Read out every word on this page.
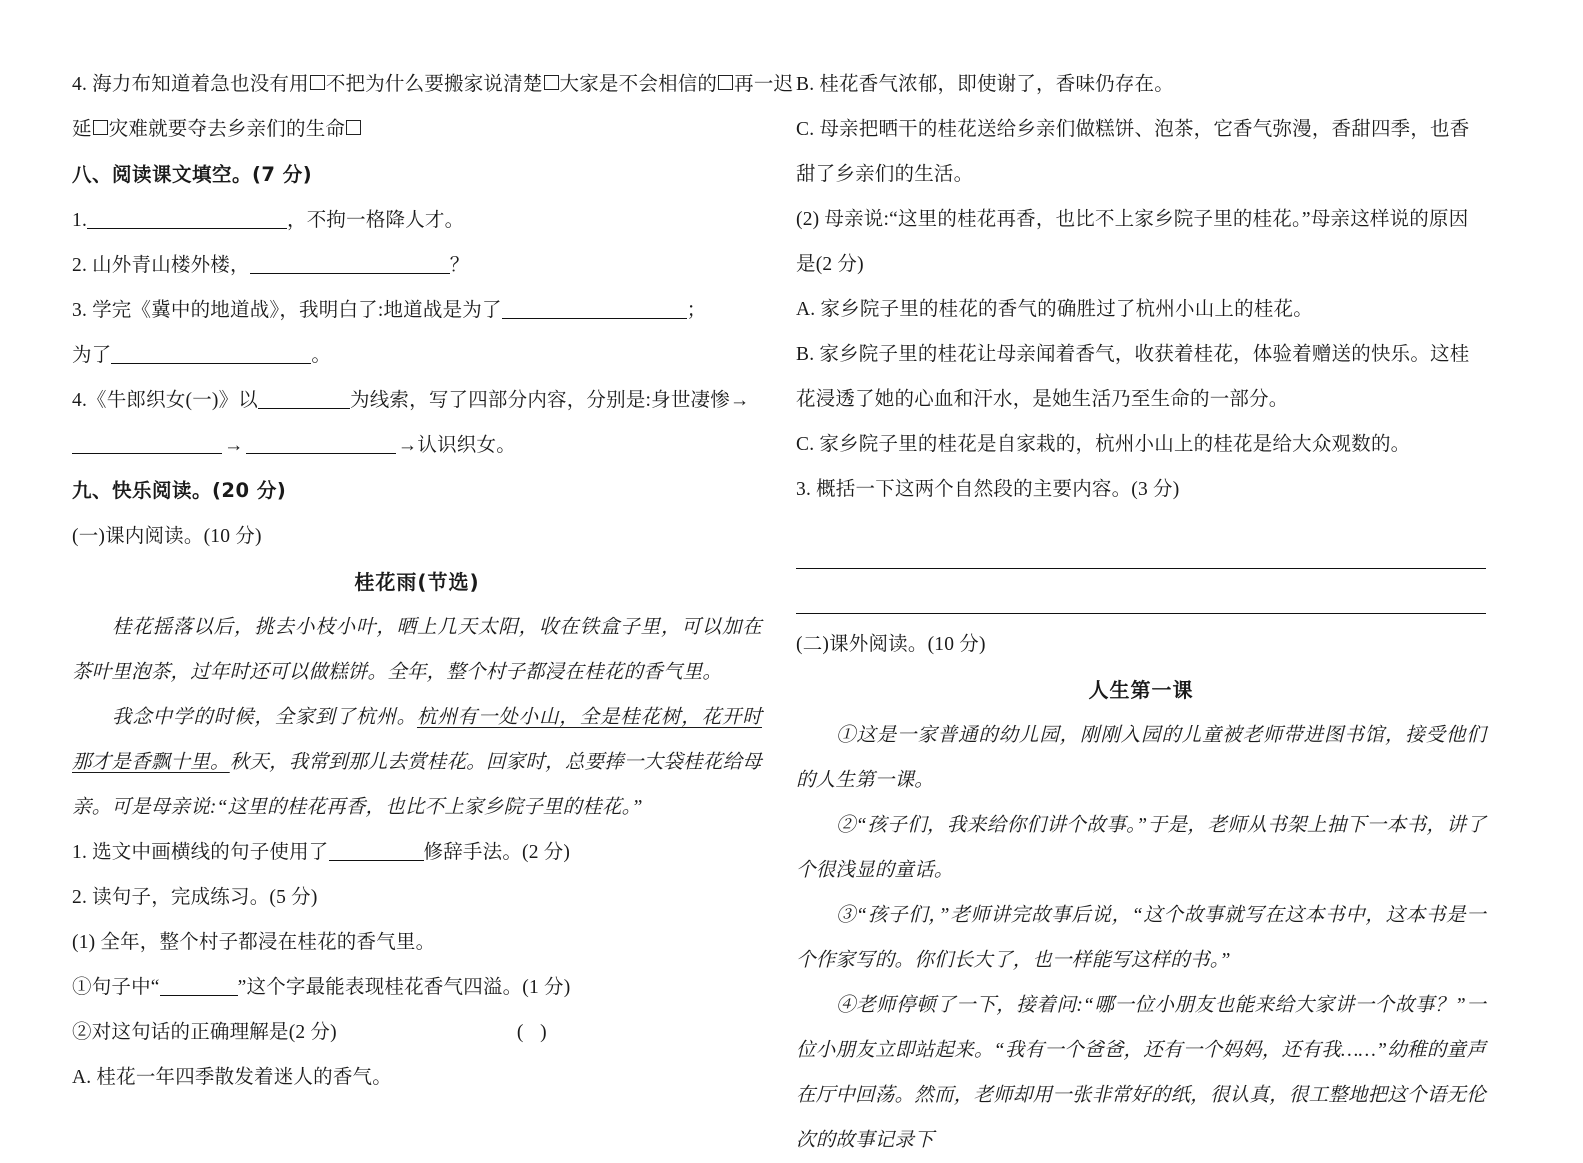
4. 海力布知道着急也没有用 不把为什么要搬家说清楚 大家是不会相信的 再一迟
延 灾难就要夺去乡亲们的生命
八、阅读课文填空。(7 分)
1.	，不拘一格降人才。
2. 山外青山楼外楼，	？
3. 学完《冀中的地道战》，我明白了:地道战是为了	；
为了	。
4.《牛郎织女(一)》以	为线索，写了四部分内容，分别是:身世凄惨→
→	→认识织女。
九、快乐阅读。(20 分)
(一)课内阅读。(10 分)
桂花雨(节选)
桂花摇落以后，挑去小枝小叶，晒上几天太阳，收在铁盒子里，可以加在茶叶里泡茶，过年时还可以做糕饼。全年，整个村子都浸在桂花的香气里。
我念中学的时候，全家到了杭州。杭州有一处小山，全是桂花树，花开时那才是香飘十里。秋天，我常到那儿去赏桂花。回家时，总要捧一大袋桂花给母亲。可是母亲说:“这里的桂花再香，也比不上家乡院子里的桂花。”
1. 选文中画横线的句子使用了	修辞手法。(2 分)
2. 读句子，完成练习。(5 分)
(1) 全年，整个村子都浸在桂花的香气里。
①句子中“	”这个字最能表现桂花香气四溢。(1 分)
②对这句话的正确理解是(2 分)	( )
A. 桂花一年四季散发着迷人的香气。
B. 桂花香气浓郁，即使谢了，香味仍存在。
C. 母亲把晒干的桂花送给乡亲们做糕饼、泡茶，它香气弥漫，香甜四季，也香甜了乡亲们的生活。
(2) 母亲说:“这里的桂花再香，也比不上家乡院子里的桂花。”母亲这样说的原因是(2 分)
A. 家乡院子里的桂花的香气的确胜过了杭州小山上的桂花。
B. 家乡院子里的桂花让母亲闻着香气，收获着桂花，体验着赠送的快乐。这桂花浸透了她的心血和汗水，是她生活乃至生命的一部分。
C. 家乡院子里的桂花是自家栽的，杭州小山上的桂花是给大众观数的。
3. 概括一下这两个自然段的主要内容。(3 分)
(二)课外阅读。(10 分)
人生第一课
①这是一家普通的幼儿园，刚刚入园的儿童被老师带进图书馆，接受他们的人生第一课。
②“孩子们，我来给你们讲个故事。”于是，老师从书架上抽下一本书，讲了个很浅显的童话。
③“孩子们，”老师讲完故事后说，“这个故事就写在这本书中，这本书是一个作家写的。你们长大了，也一样能写这样的书。”
④老师停顿了一下，接着问:“哪一位小朋友也能来给大家讲一个故事？”一位小朋友立即站起来。“我有一个爸爸，还有一个妈妈，还有我……”幼稚的童声在厅中回荡。然而，老师却用一张非常好的纸，很认真，很工整地把这个语无伦次的故事记录下
